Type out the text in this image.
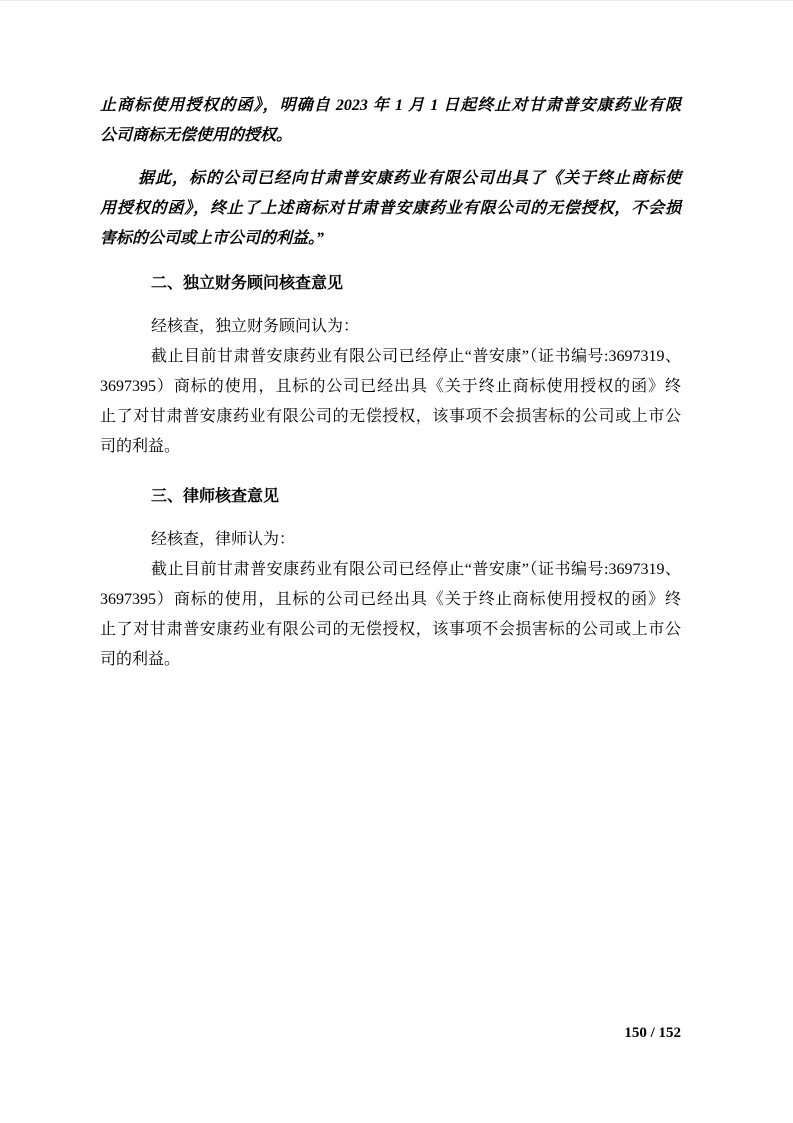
止商标使用授权的函》，明确自 2023 年 1 月 1 日起终止对甘肃普安康药业有限
公司商标无偿使用的授权。
据此，标的公司已经向甘肃普安康药业有限公司出具了《关于终止商标使
用授权的函》，终止了上述商标对甘肃普安康药业有限公司的无偿授权，不会损
害标的公司或上市公司的利益。”
二、独立财务顾问核查意见
经核查，独立财务顾问认为：
截止目前甘肃普安康药业有限公司已经停止“普安康”（证书编号:3697319、
3697395）商标的使用，且标的公司已经出具《关于终止商标使用授权的函》终
止了对甘肃普安康药业有限公司的无偿授权，该事项不会损害标的公司或上市公
司的利益。
三、律师核查意见
经核查，律师认为：
截止目前甘肃普安康药业有限公司已经停止“普安康”（证书编号:3697319、
3697395）商标的使用，且标的公司已经出具《关于终止商标使用授权的函》终
止了对甘肃普安康药业有限公司的无偿授权，该事项不会损害标的公司或上市公
司的利益。
150 / 152
